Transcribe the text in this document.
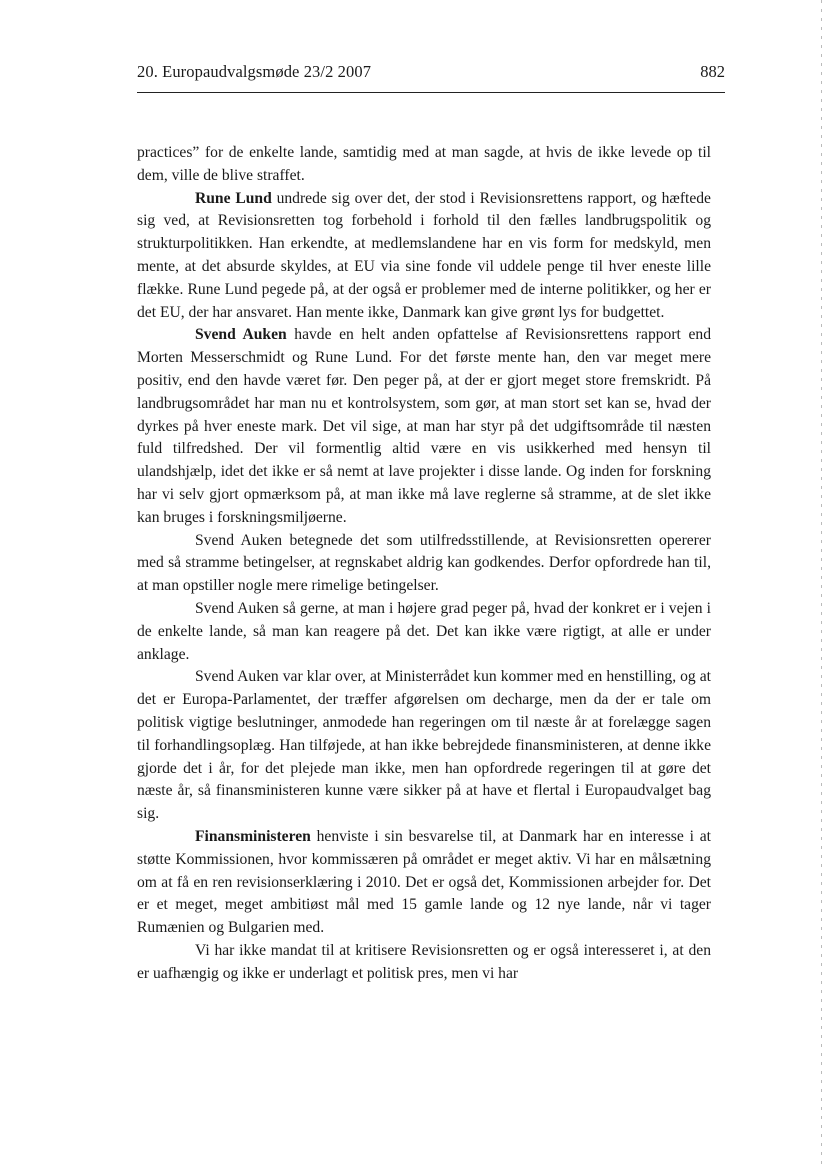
20. Europaudvalgsmøde 23/2 2007	882

practices” for de enkelte lande, samtidig med at man sagde, at hvis de ikke levede op til dem, ville de blive straffet.

Rune Lund undrede sig over det, der stod i Revisionsrettens rapport, og hæftede sig ved, at Revisionsretten tog forbehold i forhold til den fælles landbrugspolitik og strukturpolitikken. Han erkendte, at medlemslandene har en vis form for medskyld, men mente, at det absurde skyldes, at EU via sine fonde vil uddele penge til hver eneste lille flække. Rune Lund pegede på, at der også er problemer med de interne politikker, og her er det EU, der har ansvaret. Han mente ikke, Danmark kan give grønt lys for budgettet.

Svend Auken havde en helt anden opfattelse af Revisionsrettens rapport end Morten Messerschmidt og Rune Lund. For det første mente han, den var meget mere positiv, end den havde været før. Den peger på, at der er gjort meget store fremskridt. På landbrugsområdet har man nu et kontrolsystem, som gør, at man stort set kan se, hvad der dyrkes på hver eneste mark. Det vil sige, at man har styr på det udgiftsområde til næsten fuld tilfredshed. Der vil formentlig altid være en vis usikkerhed med hensyn til ulandshjælp, idet det ikke er så nemt at lave projekter i disse lande. Og inden for forskning har vi selv gjort opmærksom på, at man ikke må lave reglerne så stramme, at de slet ikke kan bruges i forskningsmiljøerne.

Svend Auken betegnede det som utilfredsstillende, at Revisionsretten opererer med så stramme betingelser, at regnskabet aldrig kan godkendes. Derfor opfordrede han til, at man opstiller nogle mere rimelige betingelser.

Svend Auken så gerne, at man i højere grad peger på, hvad der konkret er i vejen i de enkelte lande, så man kan reagere på det. Det kan ikke være rigtigt, at alle er under anklage.

Svend Auken var klar over, at Ministerrådet kun kommer med en henstilling, og at det er Europa-Parlamentet, der træffer afgørelsen om decharge, men da der er tale om politisk vigtige beslutninger, anmodede han regeringen om til næste år at forelægge sagen til forhandlingsoplæg. Han tilføjede, at han ikke bebrejdede finansministeren, at denne ikke gjorde det i år, for det plejede man ikke, men han opfordrede regeringen til at gøre det næste år, så finansministeren kunne være sikker på at have et flertal i Europaudvalget bag sig.

Finansministeren henviste i sin besvarelse til, at Danmark har en interesse i at støtte Kommissionen, hvor kommissæren på området er meget aktiv. Vi har en målsætning om at få en ren revisionserklæring i 2010. Det er også det, Kommissionen arbejder for. Det er et meget, meget ambitiøst mål med 15 gamle lande og 12 nye lande, når vi tager Rumænien og Bulgarien med.

Vi har ikke mandat til at kritisere Revisionsretten og er også interesseret i, at den er uafhængig og ikke er underlagt et politisk pres, men vi har
